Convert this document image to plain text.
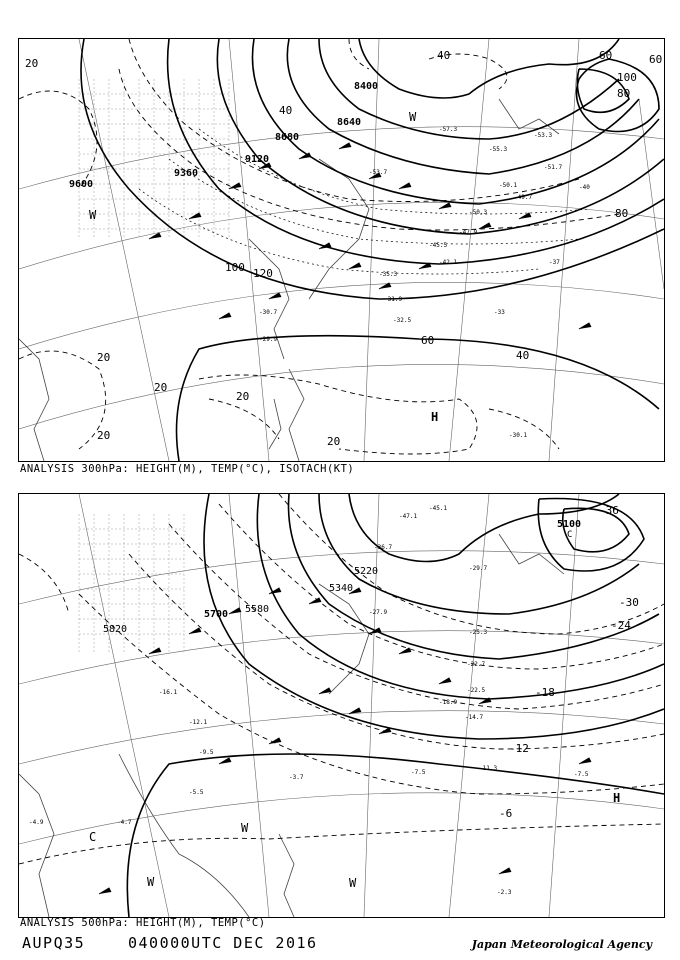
-57.3
-53.7
-50.3
-55.3
-47.9
-45.5
-42.1
-35.3
-32.5
-31.9
-30.7
-29.9
-30.1
-33
-37
-40
-50.1
-49.7
-51.7
-53.3
9600
8640
8400
8680
9120
9360
20
40
60
80
100
120
100
80
60
40
20
20
20
20	20
40	60
H
W
W
ANALYSIS 300hPa: HEIGHT(M), TEMP(°C), ISOTACH(KT)
-45.1
-47.1
-36.7
-29.7
-27.9
-25.3
-22.7
-22.5
-18.9
-14.7
-11.3
-7.5	-7.5
-2.3
-16.1
-12.1
-9.5
-5.5
-4.9	-4.7
-3.7
5100
5340
5700 5580
5820
5220
-36
-30
-24
-18
-12
-6
H
W
W	W
C
C
ANALYSIS 500hPa: HEIGHT(M), TEMP(°C)
AUPQ35	040000UTC DEC 2016	Japan Meteorological Agency
